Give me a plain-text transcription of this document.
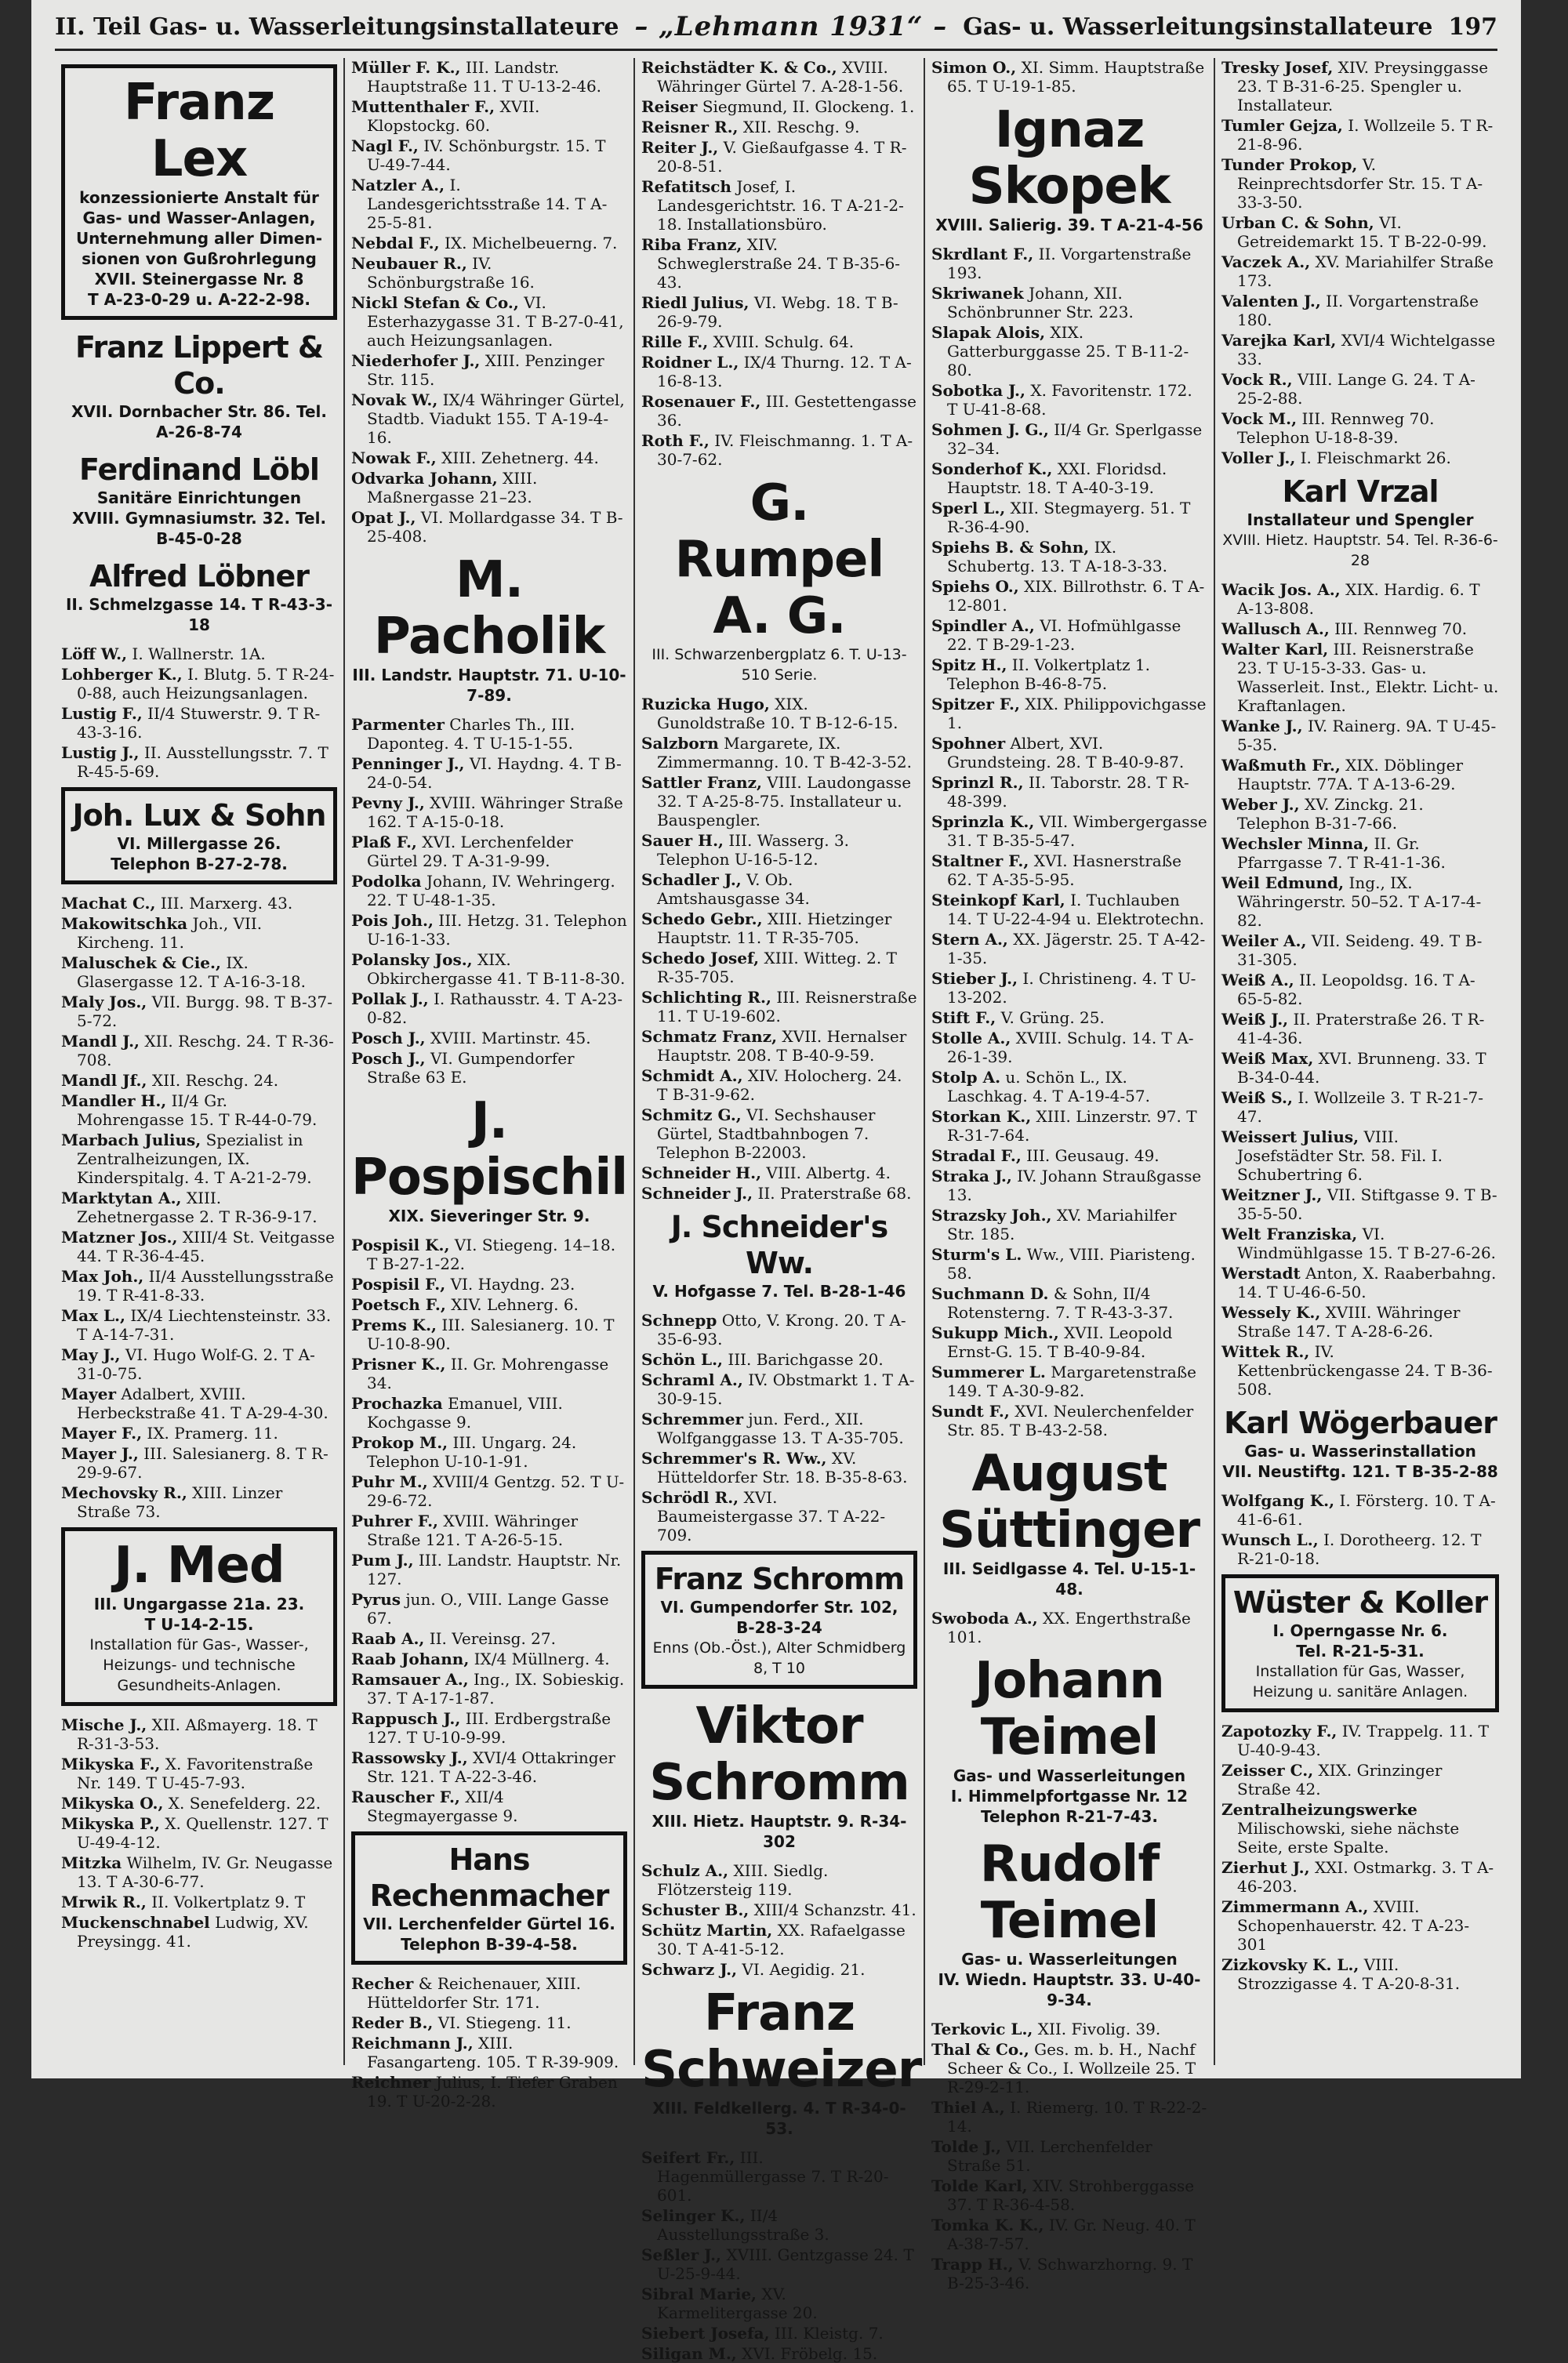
II. Teil Gas- u. Wasserleitungsinstallateure – „Lehmann 1931“ – Gas- u. Wasserleitungsinstallateure 197
Franz Lex
konzessionierte Anstalt für
Gas- und Wasser-Anlagen,
Unternehmung aller Dimen-
sionen von Gußrohrlegung
XVII. Steinergasse Nr. 8
T A-23-0-29 u. A-22-2-98.
Franz Lippert & Co.
XVII. Dornbacher Str. 86. Tel. A-26-8-74
Ferdinand Löbl
Sanitäre Einrichtungen
XVIII. Gymnasiumstr. 32. Tel. B-45-0-28
Alfred Löbner
II. Schmelzgasse 14. T R-43-3-18
Löff W., I. Wallnerstr. 1A.
Lohberger K., I. Blutg. 5. T R-24-0-88, auch Heizungsanlagen.
Lustig F., II/4 Stuwerstr. 9. T R-43-3-16.
Lustig J., II. Ausstellungsstr. 7. T R-45-5-69.
Joh. Lux & Sohn
VI. Millergasse 26.
Telephon B-27-2-78.
Machat C., III. Marxerg. 43.
Makowitschka Joh., VII. Kircheng. 11.
Maluschek & Cie., IX. Glasergasse 12. T A-16-3-18.
Maly Jos., VII. Burgg. 98. T B-37-5-72.
Mandl J., XII. Reschg. 24. T R-36-708.
Mandl Jf., XII. Reschg. 24.
Mandler H., II/4 Gr. Mohrengasse 15. T R-44-0-79.
Marbach Julius, Spezialist in Zentralheizungen, IX. Kinderspitalg. 4. T A-21-2-79.
Marktytan A., XIII. Zehetnergasse 2. T R-36-9-17.
Matzner Jos., XIII/4 St. Veitgasse 44. T R-36-4-45.
Max Joh., II/4 Ausstellungsstraße 19. T R-41-8-33.
Max L., IX/4 Liechtensteinstr. 33. T A-14-7-31.
May J., VI. Hugo Wolf-G. 2. T A-31-0-75.
Mayer Adalbert, XVIII. Herbeckstraße 41. T A-29-4-30.
Mayer F., IX. Pramerg. 11.
Mayer J., III. Salesianerg. 8. T R-29-9-67.
Mechovsky R., XIII. Linzer Straße 73.
J. Med
III. Ungargasse 21a. 23.
T U-14-2-15.
Installation für Gas-, Wasser-, Heizungs- und technische Gesundheits-Anlagen.
Mische J., XII. Aßmayerg. 18. T R-31-3-53.
Mikyska F., X. Favoritenstraße Nr. 149. T U-45-7-93.
Mikyska O., X. Senefelderg. 22.
Mikyska P., X. Quellenstr. 127. T U-49-4-12.
Mitzka Wilhelm, IV. Gr. Neugasse 13. T A-30-6-77.
Mrwik R., II. Volkertplatz 9. T
Muckenschnabel Ludwig, XV. Preysingg. 41.
Müller F. K., III. Landstr. Hauptstraße 11. T U-13-2-46.
Muttenthaler F., XVII. Klopstockg. 60.
Nagl F., IV. Schönburgstr. 15. T U-49-7-44.
Natzler A., I. Landesgerichtsstraße 14. T A-25-5-81.
Nebdal F., IX. Michelbeuerng. 7.
Neubauer R., IV. Schönburgstraße 16.
Nickl Stefan & Co., VI. Esterhazygasse 31. T B-27-0-41, auch Heizungsanlagen.
Niederhofer J., XIII. Penzinger Str. 115.
Novak W., IX/4 Währinger Gürtel, Stadtb. Viadukt 155. T A-19-4-16.
Nowak F., XIII. Zehetnerg. 44.
Odvarka Johann, XIII. Maßnergasse 21–23.
Opat J., VI. Mollardgasse 34. T B-25-408.
M. Pacholik
III. Landstr. Hauptstr. 71. U-10-7-89.
Parmenter Charles Th., III. Daponteg. 4. T U-15-1-55.
Penninger J., VI. Haydng. 4. T B-24-0-54.
Pevny J., XVIII. Währinger Straße 162. T A-15-0-18.
Plaß F., XVI. Lerchenfelder Gürtel 29. T A-31-9-99.
Podolka Johann, IV. Wehringerg. 22. T U-48-1-35.
Pois Joh., III. Hetzg. 31. Telephon U-16-1-33.
Polansky Jos., XIX. Obkirchergasse 41. T B-11-8-30.
Pollak J., I. Rathausstr. 4. T A-23-0-82.
Posch J., XVIII. Martinstr. 45.
Posch J., VI. Gumpendorfer Straße 63 E.
J. Pospischil
XIX. Sieveringer Str. 9.
Pospisil K., VI. Stiegeng. 14–18. T B-27-1-22.
Pospisil F., VI. Haydng. 23.
Poetsch F., XIV. Lehnerg. 6.
Prems K., III. Salesianerg. 10. T U-10-8-90.
Prisner K., II. Gr. Mohrengasse 34.
Prochazka Emanuel, VIII. Kochgasse 9.
Prokop M., III. Ungarg. 24. Telephon U-10-1-91.
Puhr M., XVIII/4 Gentzg. 52. T U-29-6-72.
Puhrer F., XVIII. Währinger Straße 121. T A-26-5-15.
Pum J., III. Landstr. Hauptstr. Nr. 127.
Pyrus jun. O., VIII. Lange Gasse 67.
Raab A., II. Vereinsg. 27.
Raab Johann, IX/4 Müllnerg. 4.
Ramsauer A., Ing., IX. Sobieskig. 37. T A-17-1-87.
Rappusch J., III. Erdbergstraße 127. T U-10-9-99.
Rassowsky J., XVI/4 Ottakringer Str. 121. T A-22-3-46.
Rauscher F., XII/4 Stegmayergasse 9.
Hans Rechenmacher
VII. Lerchenfelder Gürtel 16.
Telephon B-39-4-58.
Recher & Reichenauer, XIII. Hütteldorfer Str. 171.
Reder B., VI. Stiegeng. 11.
Reichmann J., XIII. Fasangarteng. 105. T R-39-909.
Reichner Julius, I. Tiefer Graben 19. T U-20-2-28.
Reichstädter K. & Co., XVIII. Währinger Gürtel 7. A-28-1-56.
Reiser Siegmund, II. Glockeng. 1.
Reisner R., XII. Reschg. 9.
Reiter J., V. Gießaufgasse 4. T R-20-8-51.
Refatitsch Josef, I. Landesgerichtstr. 16. T A-21-2-18. Installationsbüro.
Riba Franz, XIV. Schweglerstraße 24. T B-35-6-43.
Riedl Julius, VI. Webg. 18. T B-26-9-79.
Rille F., XVIII. Schulg. 64.
Roidner L., IX/4 Thurng. 12. T A-16-8-13.
Rosenauer F., III. Gestettengasse 36.
Roth F., IV. Fleischmanng. 1. T A-30-7-62.
G. Rumpel A. G.
III. Schwarzenbergplatz 6. T. U-13-510 Serie.
Ruzicka Hugo, XIX. Gunoldstraße 10. T B-12-6-15.
Salzborn Margarete, IX. Zimmermanng. 10. T B-42-3-52.
Sattler Franz, VIII. Laudongasse 32. T A-25-8-75. Installateur u. Bauspengler.
Sauer H., III. Wasserg. 3. Telephon U-16-5-12.
Schadler J., V. Ob. Amtshausgasse 34.
Schedo Gebr., XIII. Hietzinger Hauptstr. 11. T R-35-705.
Schedo Josef, XIII. Witteg. 2. T R-35-705.
Schlichting R., III. Reisnerstraße 11. T U-19-602.
Schmatz Franz, XVII. Hernalser Hauptstr. 208. T B-40-9-59.
Schmidt A., XIV. Holocherg. 24. T B-31-9-62.
Schmitz G., VI. Sechshauser Gürtel, Stadtbahnbogen 7. Telephon B-22003.
Schneider H., VIII. Albertg. 4.
Schneider J., II. Praterstraße 68.
J. Schneider's Ww.
V. Hofgasse 7. Tel. B-28-1-46
Schnepp Otto, V. Krong. 20. T A-35-6-93.
Schön L., III. Barichgasse 20.
Schraml A., IV. Obstmarkt 1. T A-30-9-15.
Schremmer jun. Ferd., XII. Wolfganggasse 13. T A-35-705.
Schremmer's R. Ww., XV. Hütteldorfer Str. 18. B-35-8-63.
Schrödl R., XVI. Baumeistergasse 37. T A-22-709.
Franz Schromm
VI. Gumpendorfer Str. 102, B-28-3-24
Enns (Ob.-Öst.), Alter Schmidberg 8, T 10
Viktor Schromm
XIII. Hietz. Hauptstr. 9. R-34-302
Schulz A., XIII. Siedlg. Flötzersteig 119.
Schuster B., XIII/4 Schanzstr. 41.
Schütz Martin, XX. Rafaelgasse 30. T A-41-5-12.
Schwarz J., VI. Aegidig. 21.
Franz Schweizer
XIII. Feldkellerg. 4. T R-34-0-53.
Seifert Fr., III. Hagenmüllergasse 7. T R-20-601.
Selinger K., II/4 Ausstellungsstraße 3.
Seßler J., XVIII. Gentzgasse 24. T U-25-9-44.
Sibral Marie, XV. Karmelitergasse 20.
Siebert Josefa, III. Kleistg. 7.
Siligan M., XVI. Fröbelg. 15.
Simon O., XI. Simm. Hauptstraße 65. T U-19-1-85.
Ignaz Skopek
XVIII. Salierig. 39. T A-21-4-56
Skrdlant F., II. Vorgartenstraße 193.
Skriwanek Johann, XII. Schönbrunner Str. 223.
Slapak Alois, XIX. Gatterburggasse 25. T B-11-2-80.
Sobotka J., X. Favoritenstr. 172. T U-41-8-68.
Sohmen J. G., II/4 Gr. Sperlgasse 32–34.
Sonderhof K., XXI. Floridsd. Hauptstr. 18. T A-40-3-19.
Sperl L., XII. Stegmayerg. 51. T R-36-4-90.
Spiehs B. & Sohn, IX. Schubertg. 13. T A-18-3-33.
Spiehs O., XIX. Billrothstr. 6. T A-12-801.
Spindler A., VI. Hofmühlgasse 22. T B-29-1-23.
Spitz H., II. Volkertplatz 1. Telephon B-46-8-75.
Spitzer F., XIX. Philippovichgasse 1.
Spohner Albert, XVI. Grundsteing. 28. T B-40-9-87.
Sprinzl R., II. Taborstr. 28. T R-48-399.
Sprinzla K., VII. Wimbergergasse 31. T B-35-5-47.
Staltner F., XVI. Hasnerstraße 62. T A-35-5-95.
Steinkopf Karl, I. Tuchlauben 14. T U-22-4-94 u. Elektrotechn.
Stern A., XX. Jägerstr. 25. T A-42-1-35.
Stieber J., I. Christineng. 4. T U-13-202.
Stift F., V. Grüng. 25.
Stolle A., XVIII. Schulg. 14. T A-26-1-39.
Stolp A. u. Schön L., IX. Laschkag. 4. T A-19-4-57.
Storkan K., XIII. Linzerstr. 97. T R-31-7-64.
Stradal F., III. Geusaug. 49.
Straka J., IV. Johann Straußgasse 13.
Strazsky Joh., XV. Mariahilfer Str. 185.
Sturm's L. Ww., VIII. Piaristeng. 58.
Suchmann D. & Sohn, II/4 Rotensterng. 7. T R-43-3-37.
Sukupp Mich., XVII. Leopold Ernst-G. 15. T B-40-9-84.
Summerer L. Margaretenstraße 149. T A-30-9-82.
Sundt F., XVI. Neulerchenfelder Str. 85. T B-43-2-58.
August Süttinger
III. Seidlgasse 4. Tel. U-15-1-48.
Swoboda A., XX. Engerthstraße 101.
Johann Teimel
Gas- und Wasserleitungen
I. Himmelpfortgasse Nr. 12
Telephon R-21-7-43.
Rudolf Teimel
Gas- u. Wasserleitungen
IV. Wiedn. Hauptstr. 33. U-40-9-34.
Terkovic L., XII. Fivolig. 39.
Thal & Co., Ges. m. b. H., Nachf Scheer & Co., I. Wollzeile 25. T R-29-2-11.
Thiel A., I. Riemerg. 10. T R-22-2-14.
Tolde J., VII. Lerchenfelder Straße 51.
Tolde Karl, XIV. Strohberggasse 37. T R-36-4-58.
Tomka K. K., IV. Gr. Neug. 40. T A-38-7-57.
Trapp H., V. Schwarzhorng. 9. T B-25-3-46.
Tresky Josef, XIV. Preysinggasse 23. T B-31-6-25. Spengler u. Installateur.
Tumler Gejza, I. Wollzeile 5. T R-21-8-96.
Tunder Prokop, V. Reinprechtsdorfer Str. 15. T A-33-3-50.
Urban C. & Sohn, VI. Getreidemarkt 15. T B-22-0-99.
Vaczek A., XV. Mariahilfer Straße 173.
Valenten J., II. Vorgartenstraße 180.
Varejka Karl, XVI/4 Wichtelgasse 33.
Vock R., VIII. Lange G. 24. T A-25-2-88.
Vock M., III. Rennweg 70. Telephon U-18-8-39.
Voller J., I. Fleischmarkt 26.
Karl Vrzal
Installateur und Spengler
XVIII. Hietz. Hauptstr. 54. Tel. R-36-6-28
Wacik Jos. A., XIX. Hardig. 6. T A-13-808.
Wallusch A., III. Rennweg 70.
Walter Karl, III. Reisnerstraße 23. T U-15-3-33. Gas- u. Wasserleit. Inst., Elektr. Licht- u. Kraftanlagen.
Wanke J., IV. Rainerg. 9A. T U-45-5-35.
Waßmuth Fr., XIX. Döblinger Hauptstr. 77A. T A-13-6-29.
Weber J., XV. Zinckg. 21. Telephon B-31-7-66.
Wechsler Minna, II. Gr. Pfarrgasse 7. T R-41-1-36.
Weil Edmund, Ing., IX. Währingerstr. 50–52. T A-17-4-82.
Weiler A., VII. Seideng. 49. T B-31-305.
Weiß A., II. Leopoldsg. 16. T A-65-5-82.
Weiß J., II. Praterstraße 26. T R-41-4-36.
Weiß Max, XVI. Brunneng. 33. T B-34-0-44.
Weiß S., I. Wollzeile 3. T R-21-7-47.
Weissert Julius, VIII. Josefstädter Str. 58. Fil. I. Schubertring 6.
Weitzner J., VII. Stiftgasse 9. T B-35-5-50.
Welt Franziska, VI. Windmühlgasse 15. T B-27-6-26.
Werstadt Anton, X. Raaberbahng. 14. T U-46-6-50.
Wessely K., XVIII. Währinger Straße 147. T A-28-6-26.
Wittek R., IV. Kettenbrückengasse 24. T B-36-508.
Karl Wögerbauer
Gas- u. Wasserinstallation
VII. Neustiftg. 121. T B-35-2-88
Wolfgang K., I. Försterg. 10. T A-41-6-61.
Wunsch L., I. Dorotheerg. 12. T R-21-0-18.
Wüster & Koller
I. Operngasse Nr. 6.
Tel. R-21-5-31.
Installation für Gas, Wasser, Heizung u. sanitäre Anlagen.
Zapotozky F., IV. Trappelg. 11. T U-40-9-43.
Zeisser C., XIX. Grinzinger Straße 42.
Zentralheizungswerke Milischowski, siehe nächste Seite, erste Spalte.
Zierhut J., XXI. Ostmarkg. 3. T A-46-203.
Zimmermann A., XVIII. Schopenhauerstr. 42. T A-23-301
Zizkovsky K. L., VIII. Strozzigasse 4. T A-20-8-31.
